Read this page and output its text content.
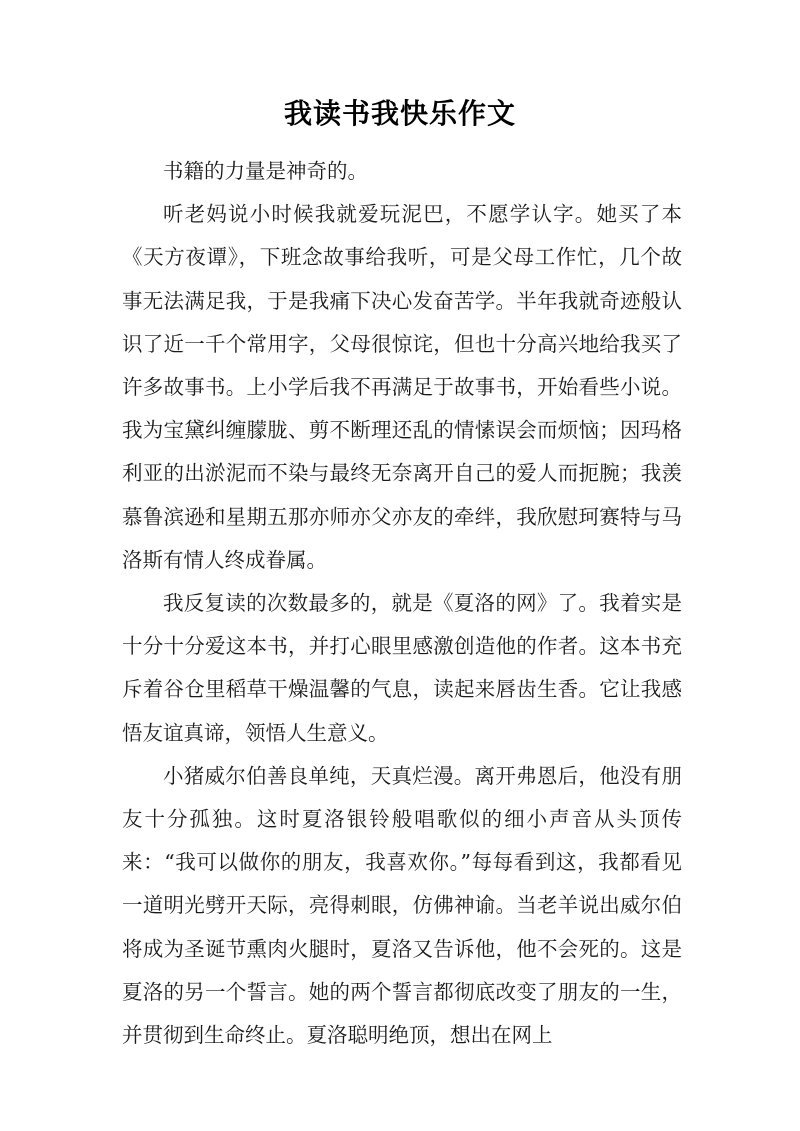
我读书我快乐作文

书籍的力量是神奇的。

听老妈说小时候我就爱玩泥巴，不愿学认字。她买了本《天方夜谭》，下班念故事给我听，可是父母工作忙，几个故事无法满足我，于是我痛下决心发奋苦学。半年我就奇迹般认识了近一千个常用字，父母很惊诧，但也十分高兴地给我买了许多故事书。上小学后我不再满足于故事书，开始看些小说。我为宝黛纠缠朦胧、剪不断理还乱的情愫误会而烦恼；因玛格利亚的出淤泥而不染与最终无奈离开自己的爱人而扼腕；我羡慕鲁滨逊和星期五那亦师亦父亦友的牵绊，我欣慰珂赛特与马洛斯有情人终成眷属。

我反复读的次数最多的，就是《夏洛的网》了。我着实是十分十分爱这本书，并打心眼里感激创造他的作者。这本书充斥着谷仓里稻草干燥温馨的气息，读起来唇齿生香。它让我感悟友谊真谛，领悟人生意义。

小猪威尔伯善良单纯，天真烂漫。离开弗恩后，他没有朋友十分孤独。这时夏洛银铃般唱歌似的细小声音从头顶传来：“我可以做你的朋友，我喜欢你。”每每看到这，我都看见一道明光劈开天际，亮得刺眼，仿佛神谕。当老羊说出威尔伯将成为圣诞节熏肉火腿时，夏洛又告诉他，他不会死的。这是夏洛的另一个誓言。她的两个誓言都彻底改变了朋友的一生，并贯彻到生命终止。夏洛聪明绝顶，想出在网上
